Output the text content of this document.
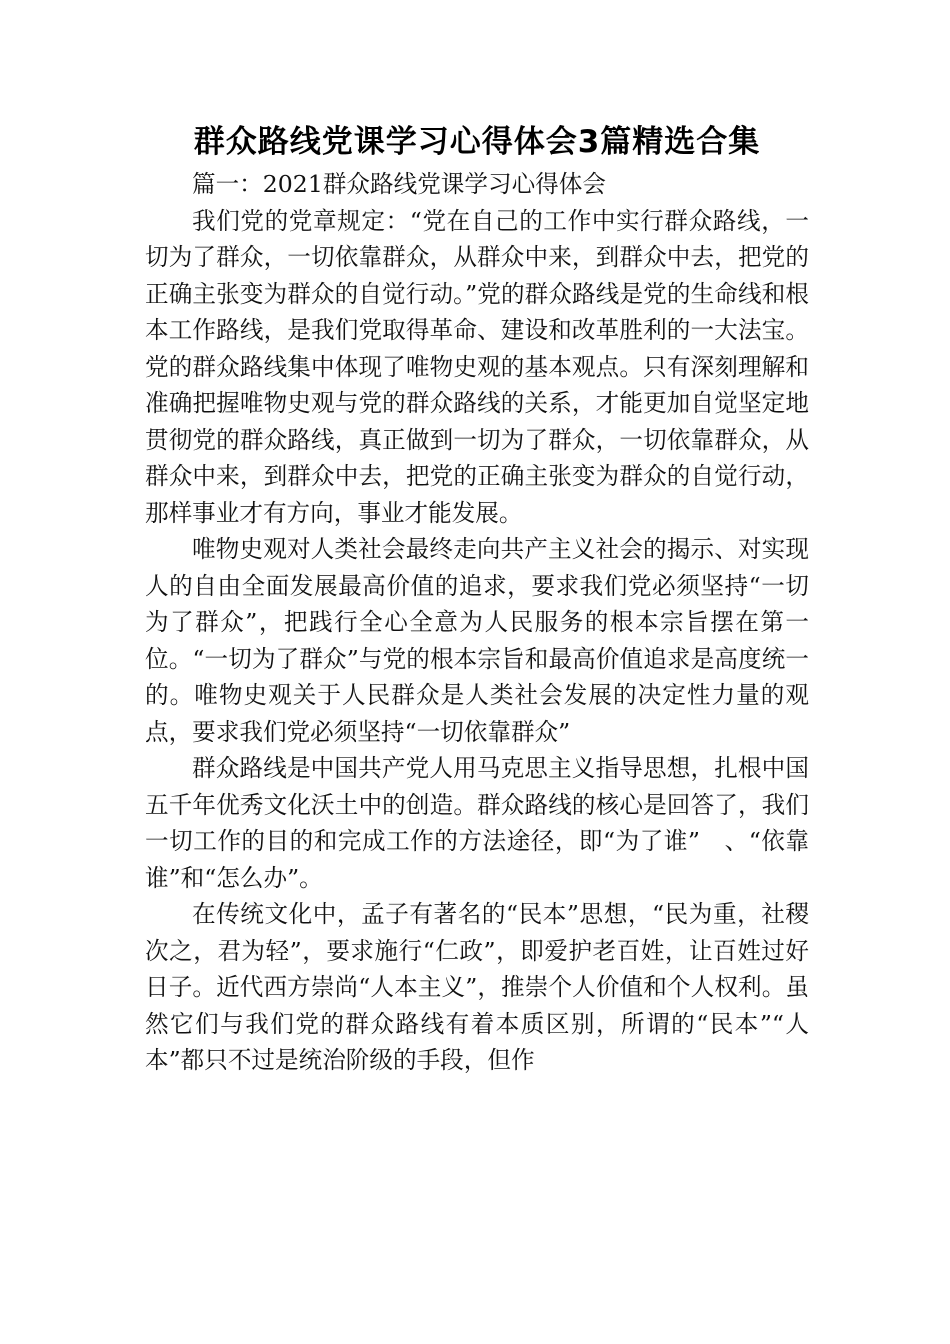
群众路线党课学习心得体会3篇精选合集

篇一：2021群众路线党课学习心得体会

我们党的党章规定：“党在自己的工作中实行群众路线，一切为了群众，一切依靠群众，从群众中来，到群众中去，把党的正确主张变为群众的自觉行动。”党的群众路线是党的生命线和根本工作路线，是我们党取得革命、建设和改革胜利的一大法宝。党的群众路线集中体现了唯物史观的基本观点。只有深刻理解和准确把握唯物史观与党的群众路线的关系，才能更加自觉坚定地贯彻党的群众路线，真正做到一切为了群众，一切依靠群众，从群众中来，到群众中去，把党的正确主张变为群众的自觉行动，那样事业才有方向，事业才能发展。

唯物史观对人类社会最终走向共产主义社会的揭示、对实现人的自由全面发展最高价值的追求，要求我们党必须坚持“一切为了群众”，把践行全心全意为人民服务的根本宗旨摆在第一位。“一切为了群众”与党的根本宗旨和最高价值追求是高度统一的。唯物史观关于人民群众是人类社会发展的决定性力量的观点，要求我们党必须坚持“一切依靠群众”

群众路线是中国共产党人用马克思主义指导思想，扎根中国五千年优秀文化沃土中的创造。群众路线的核心是回答了，我们一切工作的目的和完成工作的方法途径，即“为了谁”　、“依靠谁”和“怎么办”。

在传统文化中，孟子有著名的“民本”思想，“民为重，社稷次之，君为轻”，要求施行“仁政”，即爱护老百姓，让百姓过好日子。近代西方崇尚“人本主义”，推崇个人价值和个人权利。虽然它们与我们党的群众路线有着本质区别，所谓的“民本”“人本”都只不过是统治阶级的手段，但作
